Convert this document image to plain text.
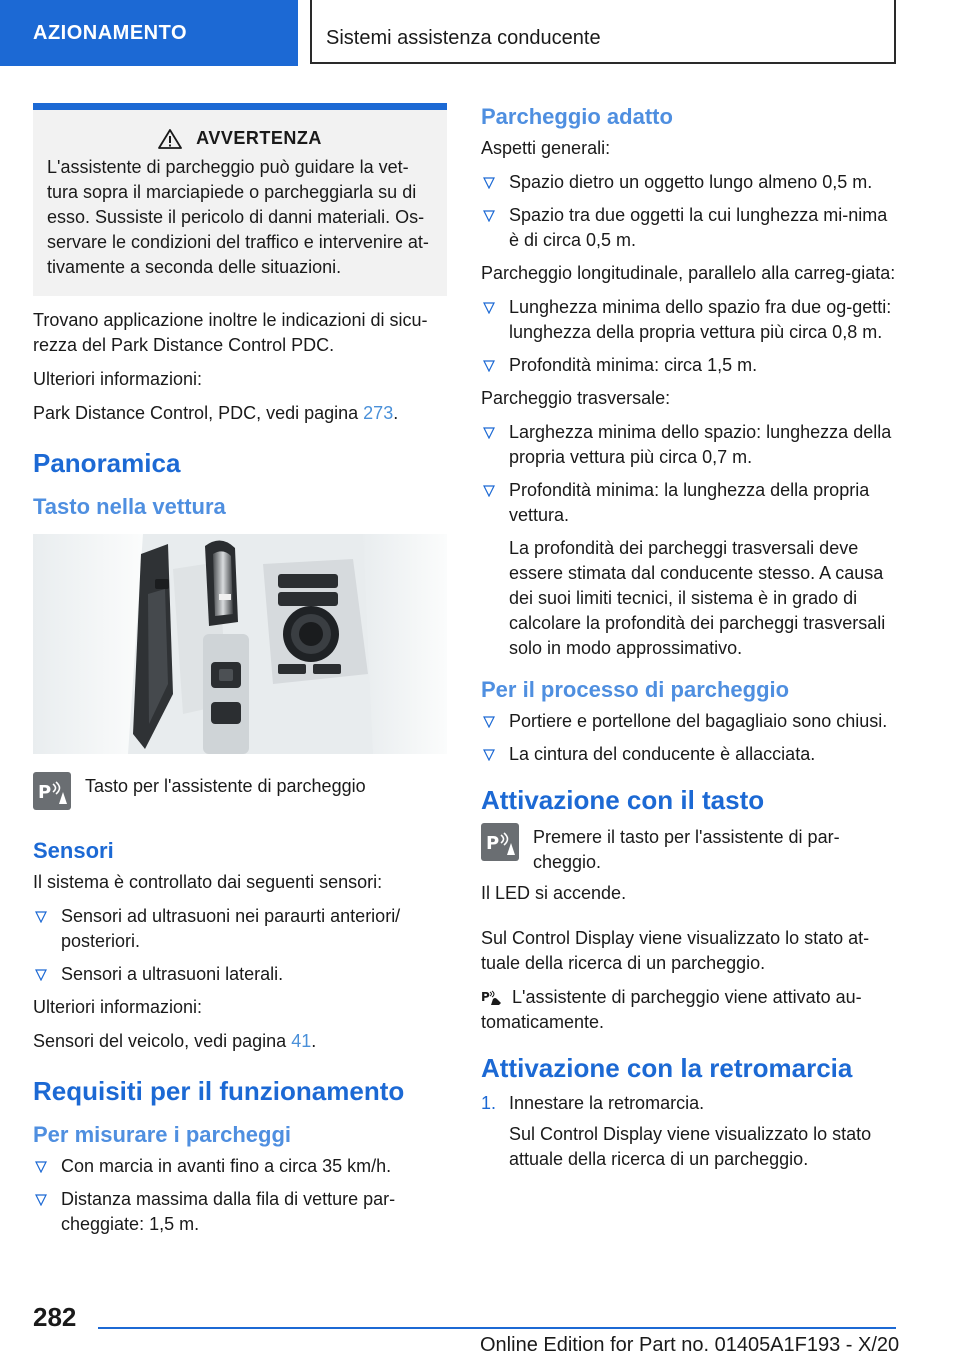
AZIONAMENTO	Sistemi assistenza conducente
AVVERTENZA
L'assistente di parcheggio può guidare la vet-tura sopra il marciapiede o parcheggiarla su di esso. Sussiste il pericolo di danni materiali. Os-servare le condizioni del traffico e intervenire at-tivamente a seconda delle situazioni.

Trovano applicazione inoltre le indicazioni di sicu-rezza del Park Distance Control PDC.

Ulteriori informazioni:

Park Distance Control, PDC, vedi pagina 273.

Panoramica
Tasto nella vettura
P Tasto per l'assistente di parcheggio

Sensori

Il sistema è controllato dai seguenti sensori:

Sensori ad ultrasuoni nei paraurti anteriori/ posteriori.
Sensori a ultrasuoni laterali.

Ulteriori informazioni:

Sensori del veicolo, vedi pagina 41.

Requisiti per il funzionamento
Per misurare i parcheggi
Con marcia in avanti fino a circa 35 km/h.
Distanza massima dalla fila di vetture par-cheggiate: 1,5 m.
Parcheggio adatto

Aspetti generali:

Spazio dietro un oggetto lungo almeno 0,5 m.
Spazio tra due oggetti la cui lunghezza mi-nima è di circa 0,5 m.

Parcheggio longitudinale, parallelo alla carreg-giata:

Lunghezza minima dello spazio fra due og-getti: lunghezza della propria vettura più circa 0,8 m.
Profondità minima: circa 1,5 m.

Parcheggio trasversale:

Larghezza minima dello spazio: lunghezza della propria vettura più circa 0,7 m.
Profondità minima: la lunghezza della propria vettura.
La profondità dei parcheggi trasversali deve essere stimata dal conducente stesso. A causa dei suoi limiti tecnici, il sistema è in grado di calcolare la profondità dei parcheggi trasversali solo in modo approssimativo.
Per il processo di parcheggio
Portiere e portellone del bagagliaio sono chiusi.
La cintura del conducente è allacciata.
Attivazione con il tasto
P Premere il tasto per l'assistente di par-cheggio.

Il LED si accende.

Sul Control Display viene visualizzato lo stato at-tuale della ricerca di un parcheggio.

P L'assistente di parcheggio viene attivato au-tomaticamente.

Attivazione con la retromarcia
1. Innestare la retromarcia.
Sul Control Display viene visualizzato lo stato attuale della ricerca di un parcheggio.
282
Online Edition for Part no. 01405A1F193 - X/20
